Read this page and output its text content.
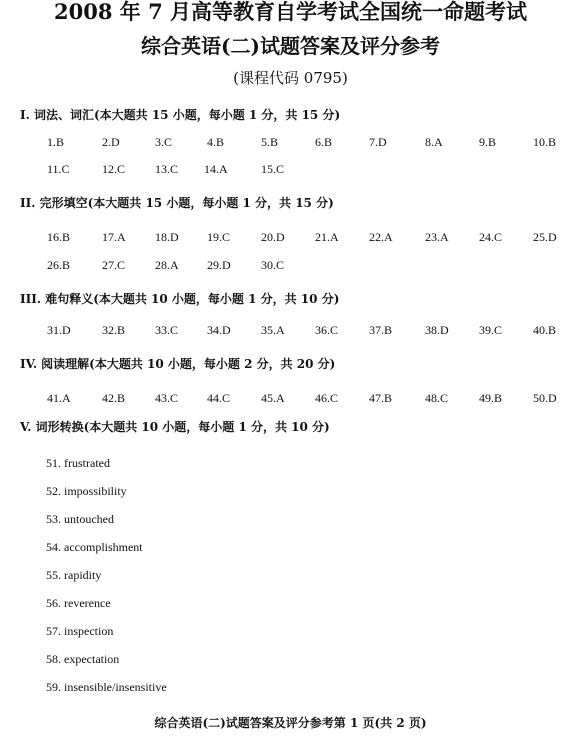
2008 年 7 月高等教育自学考试全国统一命题考试
综合英语(二)试题答案及评分参考
(课程代码 0795)
I. 词法、词汇(本大题共 15 小题，每小题 1 分，共 15 分)
1.B	2.D	3.C	4.B	5.B	6.B	7.D	8.A	9.B	10.B
11.C	12.C 13.C 14.A	15.C
II. 完形填空(本大题共 15 小题，每小题 1 分，共 15 分)
16.B	17.A 18.D 19.C	20.D	21.A	22.A	23.A	24.C	25.D
26.B	27.C 28.A 29.D	30.C
III. 难句释义(本大题共 10 小题，每小题 1 分，共 10 分)
31.D	32.B 33.C 34.D	35.A	36.C	37.B	38.D	39.C	40.B
IV. 阅读理解(本大题共 10 小题，每小题 2 分，共 20 分)
41.A	42.B 43.C 44.C	45.A	46.C	47.B	48.C	49.B	50.D
V. 词形转换(本大题共 10 小题，每小题 1 分，共 10 分)
51. frustrated
52. impossibility
53. untouched
54. accomplishment
55. rapidity
56. reverence
57. inspection
58. expectation
59. insensible/insensitive
综合英语(二)试题答案及评分参考第 1 页(共 2 页)
